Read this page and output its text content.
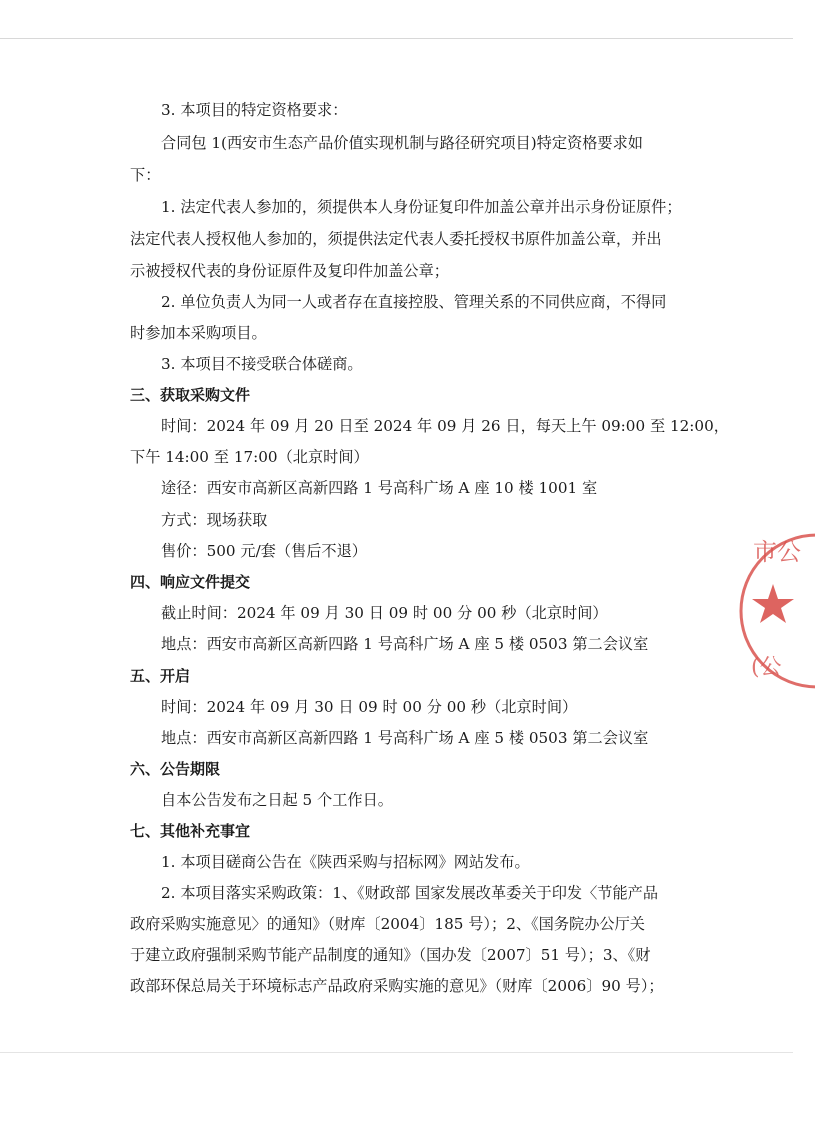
3. 本项目的特定资格要求：
合同包 1(西安市生态产品价值实现机制与路径研究项目)特定资格要求如
下：
1. 法定代表人参加的，须提供本人身份证复印件加盖公章并出示身份证原件；
法定代表人授权他人参加的，须提供法定代表人委托授权书原件加盖公章，并出
示被授权代表的身份证原件及复印件加盖公章；
2. 单位负责人为同一人或者存在直接控股、管理关系的不同供应商，不得同
时参加本采购项目。
3. 本项目不接受联合体磋商。
三、获取采购文件
时间：2024 年 09 月 20 日至 2024 年 09 月 26 日，每天上午 09:00 至 12:00，
下午 14:00 至 17:00（北京时间）
途径：西安市高新区高新四路 1 号高科广场 A 座 10 楼 1001 室
方式：现场获取
售价：500 元/套（售后不退）
四、响应文件提交
截止时间：2024 年 09 月 30 日 09 时 00 分 00 秒（北京时间）
地点：西安市高新区高新四路 1 号高科广场 A 座 5 楼 0503 第二会议室
五、开启
时间：2024 年 09 月 30 日 09 时 00 分 00 秒（北京时间）
地点：西安市高新区高新四路 1 号高科广场 A 座 5 楼 0503 第二会议室
六、公告期限
自本公告发布之日起 5 个工作日。
七、其他补充事宜
1. 本项目磋商公告在《陕西采购与招标网》网站发布。
2. 本项目落实采购政策：1、《财政部 国家发展改革委关于印发〈节能产品
政府采购实施意见〉的通知》（财库〔2004〕185 号）；2、《国务院办公厅关
于建立政府强制采购节能产品制度的通知》（国办发〔2007〕51 号）；3、《财
政部环保总局关于环境标志产品政府采购实施的意见》（财库〔2006〕90 号）；
市公
(公
